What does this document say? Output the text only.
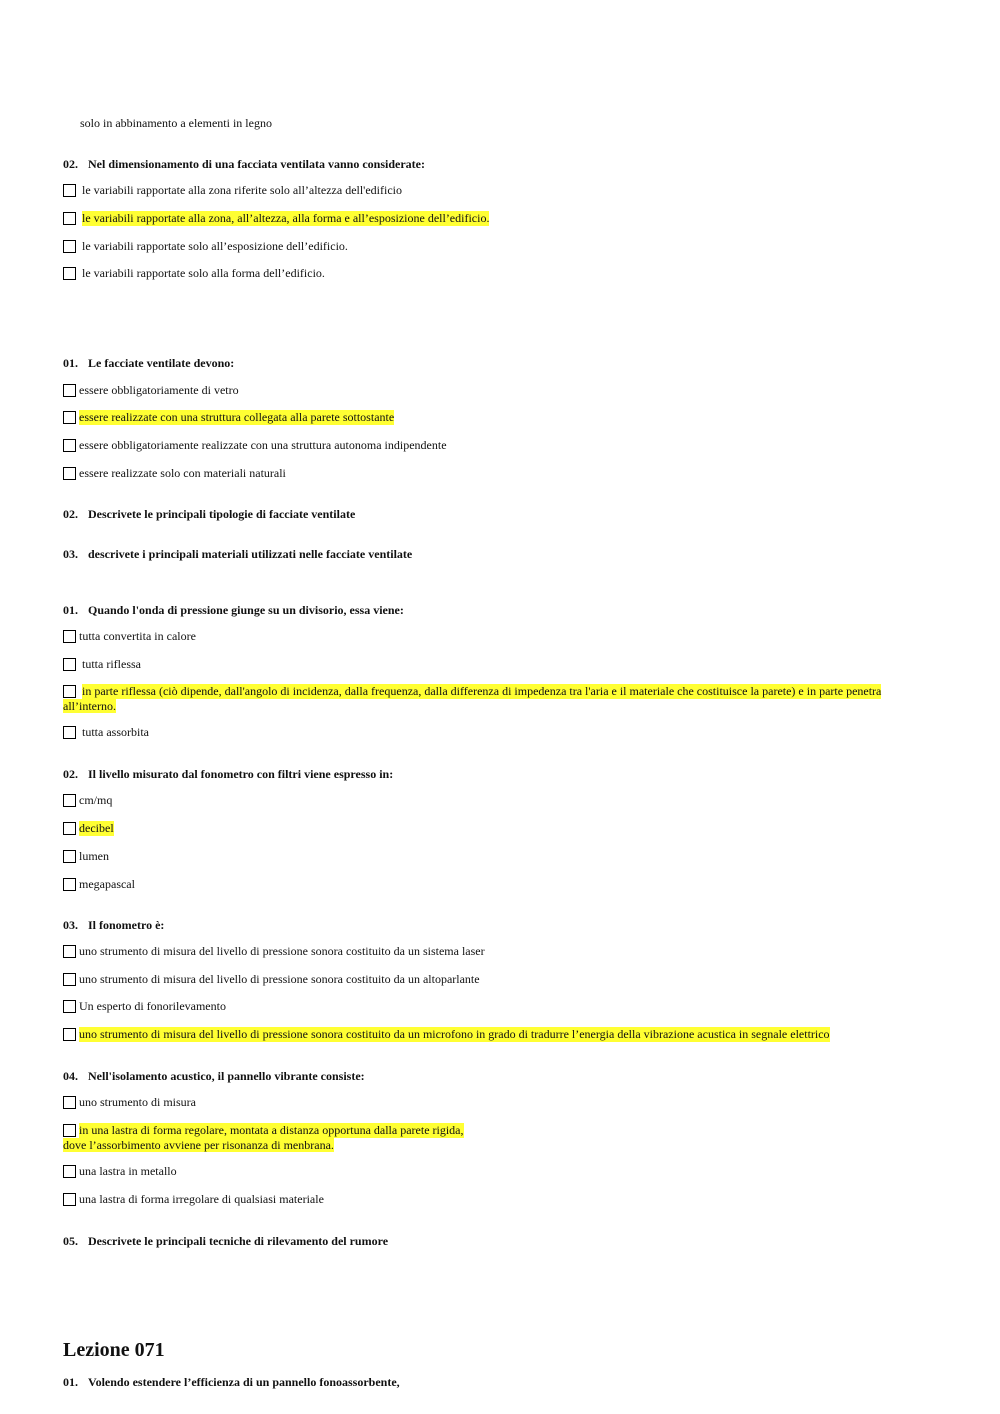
solo in abbinamento a elementi in legno
02. Nel dimensionamento di una facciata ventilata vanno considerate:
le variabili rapportate alla zona riferite solo all’altezza dell'edificio
le variabili rapportate alla zona, all’altezza, alla forma e all’esposizione dell’edificio.
le variabili rapportate solo all’esposizione dell’edificio.
le variabili rapportate solo alla forma dell’edificio.
01. Le facciate ventilate devono:
essere obbligatoriamente di vetro
essere realizzate con una struttura collegata alla parete sottostante
essere obbligatoriamente realizzate con una struttura autonoma indipendente
essere realizzate solo con materiali naturali
02. Descrivete le principali tipologie di facciate ventilate
03. descrivete i principali materiali utilizzati nelle facciate ventilate
01. Quando l'onda di pressione giunge su un divisorio, essa viene:
tutta convertita in calore
tutta riflessa
in parte riflessa (ciò dipende, dall'angolo di incidenza, dalla frequenza, dalla differenza di impedenza tra l'aria e il materiale che costituisce la parete) e in parte penetra
all’interno.
tutta assorbita
02. Il livello misurato dal fonometro con filtri viene espresso in:
cm/mq
decibel
lumen
megapascal
03. Il fonometro è:
uno strumento di misura del livello di pressione sonora costituito da un sistema laser
uno strumento di misura del livello di pressione sonora costituito da un altoparlante
Un esperto di fonorilevamento
uno strumento di misura del livello di pressione sonora costituito da un microfono in grado di tradurre l’energia della vibrazione acustica in segnale elettrico
04. Nell'isolamento acustico, il pannello vibrante consiste:
uno strumento di misura
in una lastra di forma regolare, montata a distanza opportuna dalla parete rigida,
dove l’assorbimento avviene per risonanza di menbrana.
una lastra in metallo
una lastra di forma irregolare di qualsiasi materiale
05. Descrivete le principali tecniche di rilevamento del rumore
Lezione 071
01. Volendo estendere l’efficienza di un pannello fonoassorbente,
